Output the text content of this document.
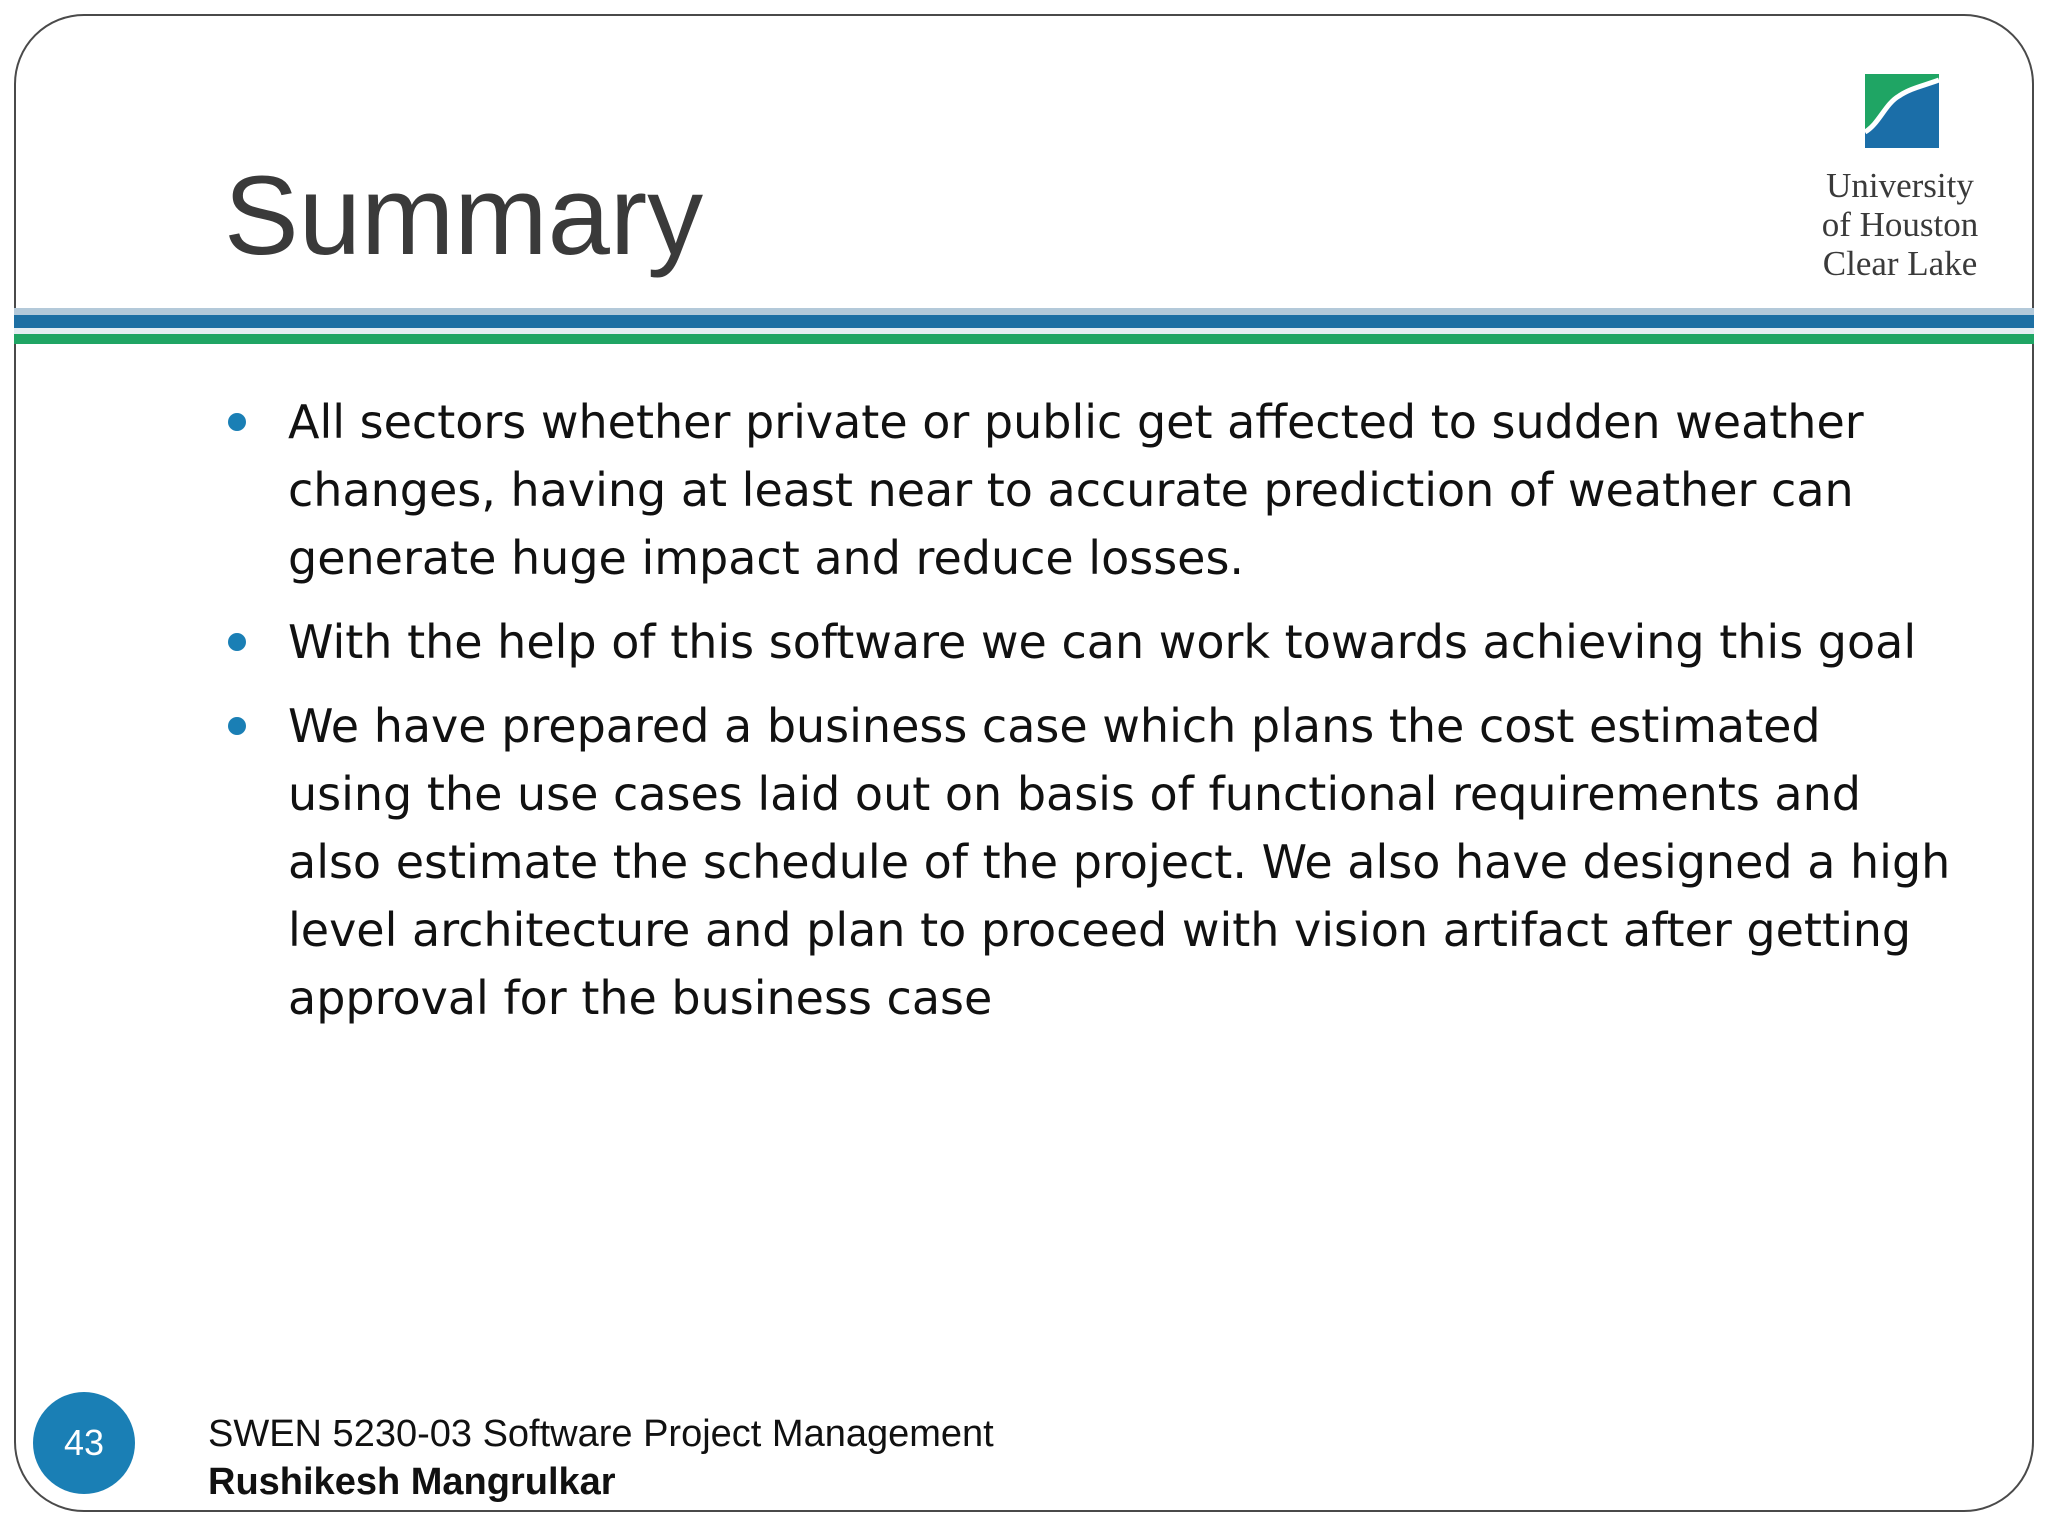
Summary	University
of Houston
Clear Lake
All sectors whether private or public get affected to sudden weather changes, having at least near to accurate prediction of weather can generate huge impact and reduce losses.
With the help of this software we can work towards achieving this goal
We have prepared a business case which plans the cost estimated using the use cases laid out on basis of functional requirements and also estimate the schedule of the project. We also have designed a high level architecture and plan to proceed with vision artifact after getting approval for the business case
43	SWEN 5230-03 Software Project Management
Rushikesh Mangrulkar
